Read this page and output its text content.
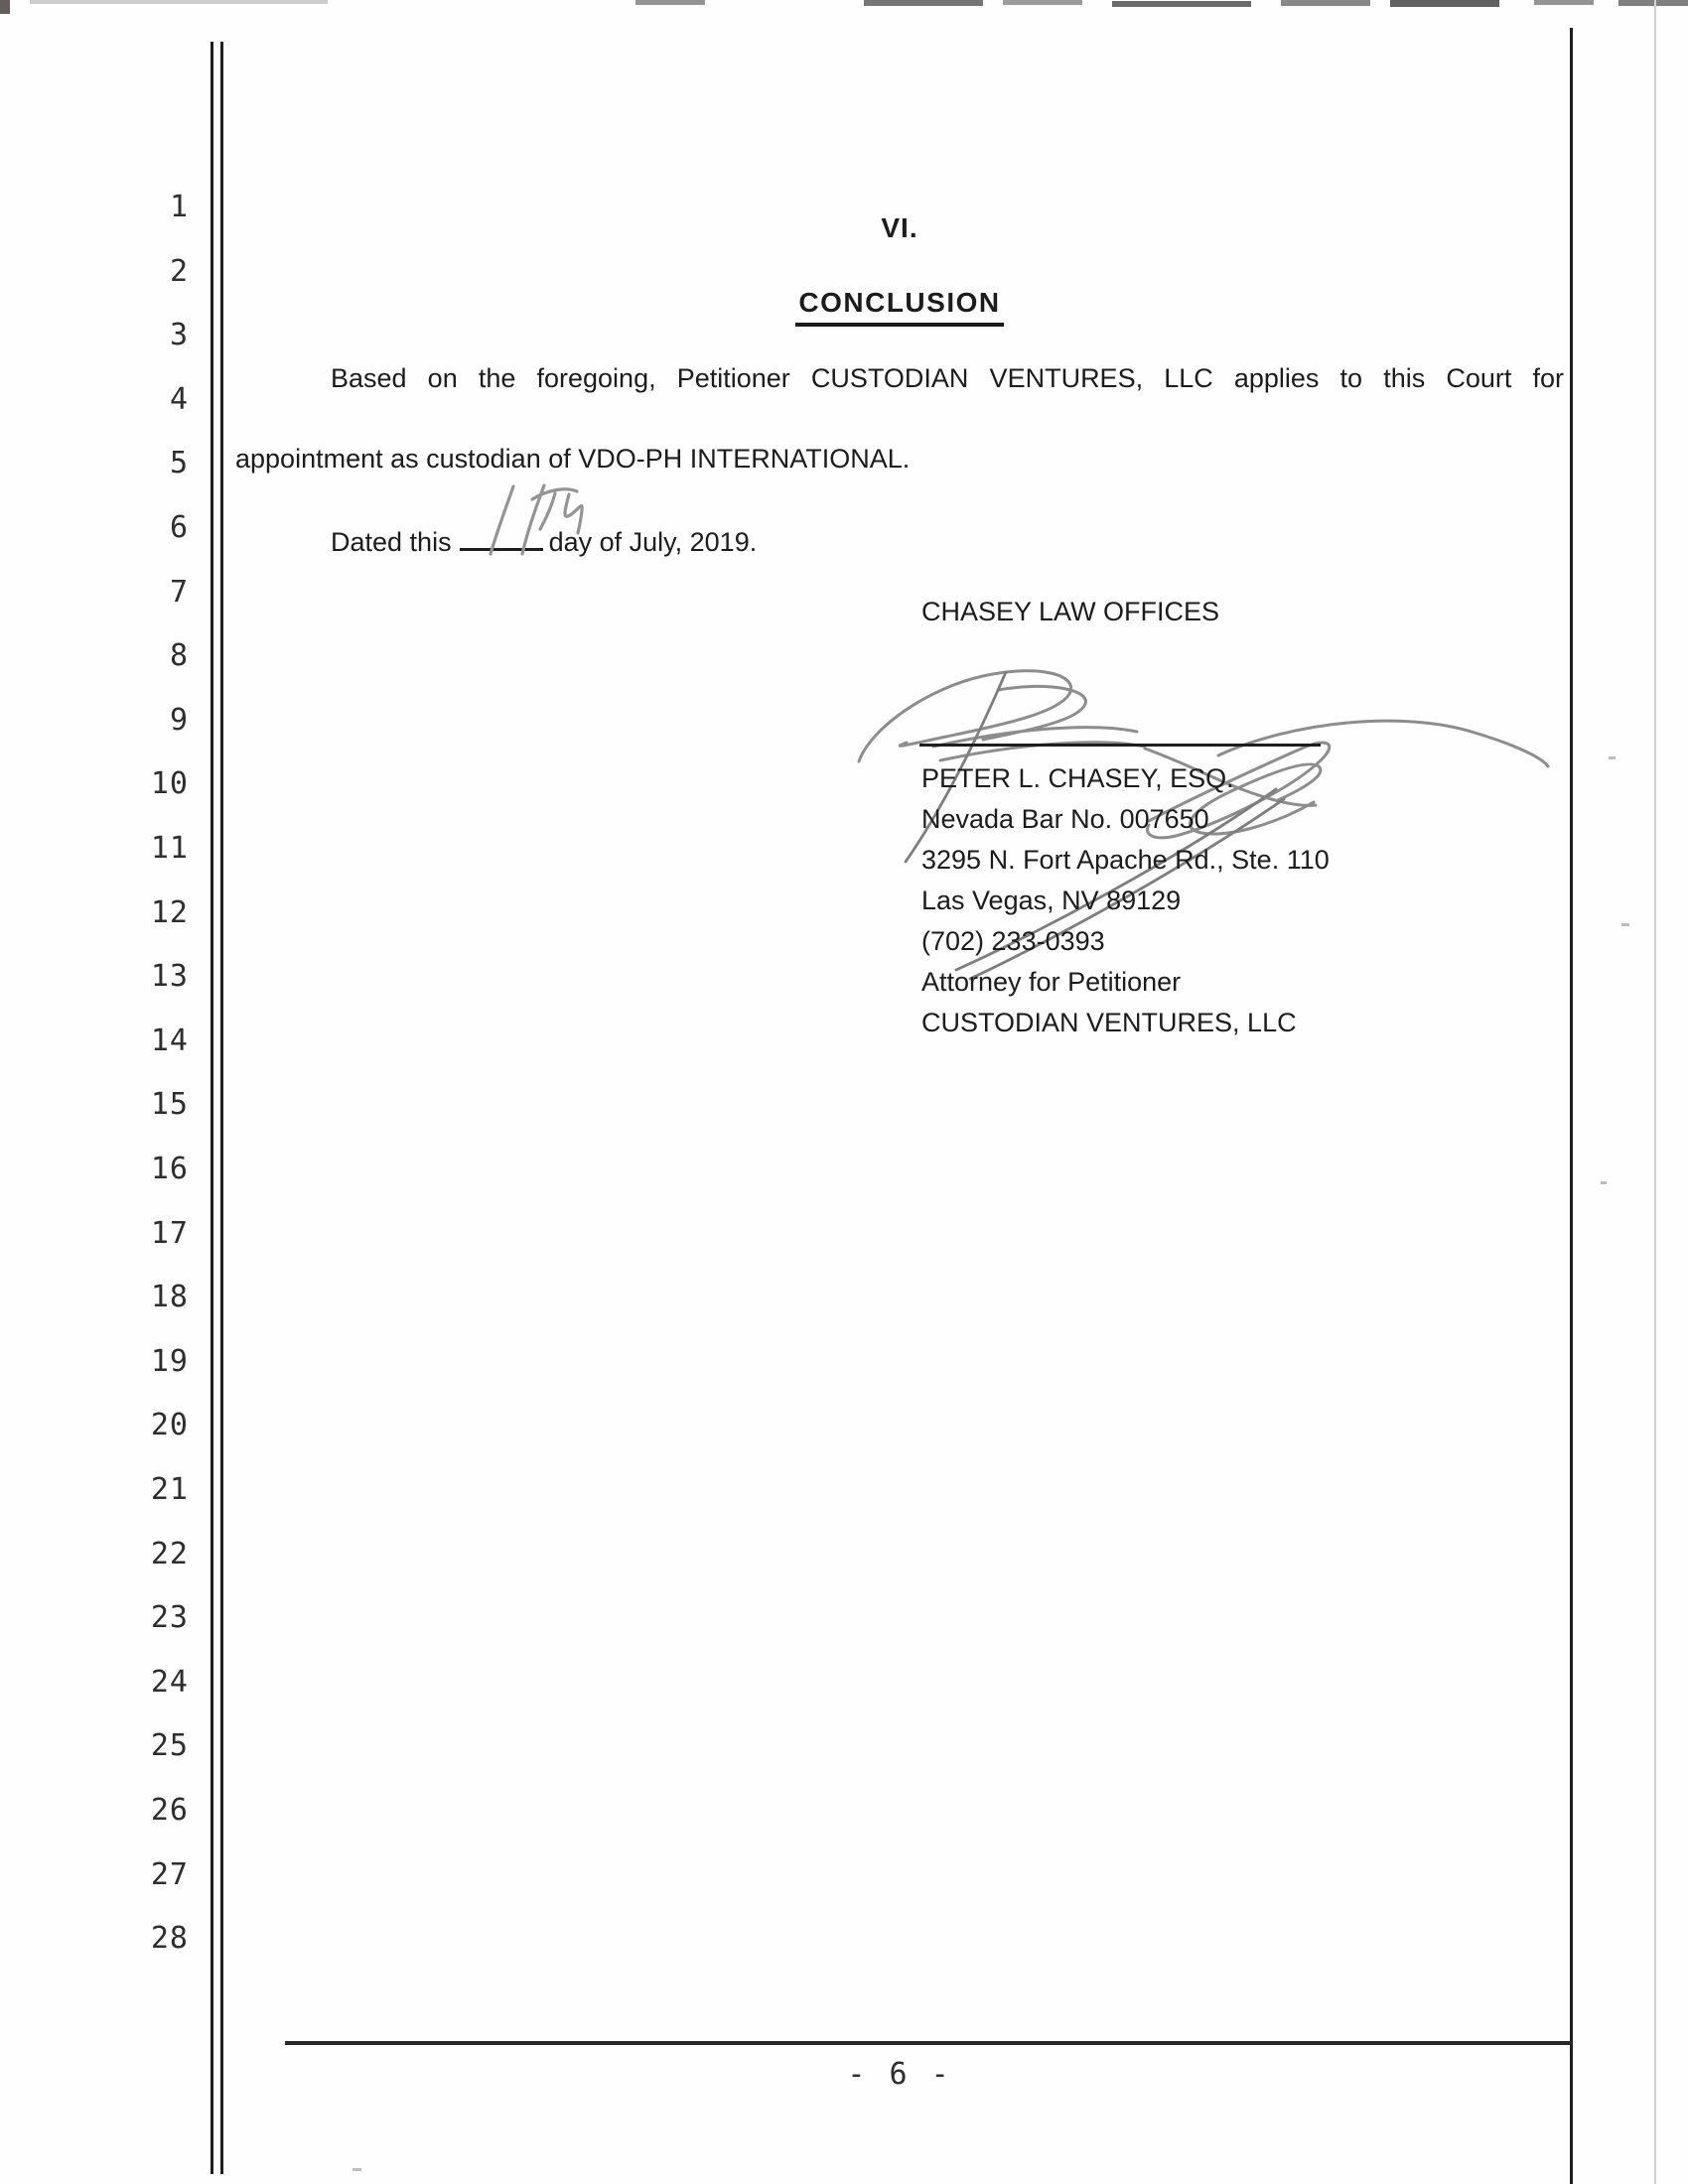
1
2
3
4
5
6
7
8
9
10
11
12
13
14
15
16
17
18
19
20
21
22
23
24
25
26
27
28
VI.
CONCLUSION
Based on the foregoing, Petitioner CUSTODIAN VENTURES, LLC applies to this Court for
appointment as custodian of VDO-PH INTERNATIONAL.
Dated this	day of July, 2019.
CHASEY LAW OFFICES
PETER L. CHASEY, ESQ.
Nevada Bar No. 007650
3295 N. Fort Apache Rd., Ste. 110
Las Vegas, NV 89129
(702) 233-0393
Attorney for Petitioner
CUSTODIAN VENTURES, LLC
- 6 -
